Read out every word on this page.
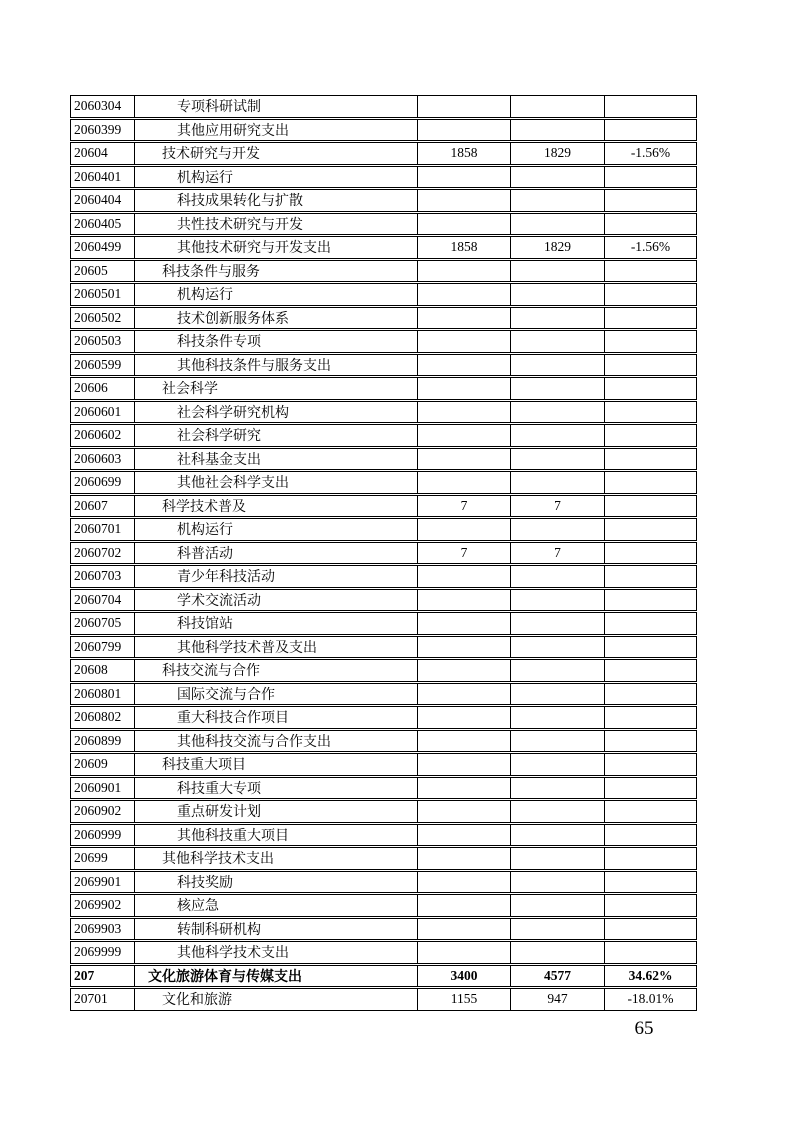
2060304	专项科研试制
2060399	其他应用研究支出
20604	技术研究与开发	1858	1829	-1.56%
2060401	机构运行
2060404	科技成果转化与扩散
2060405	共性技术研究与开发
2060499	其他技术研究与开发支出	1858	1829	-1.56%
20605	科技条件与服务
2060501	机构运行
2060502	技术创新服务体系
2060503	科技条件专项
2060599	其他科技条件与服务支出
20606	社会科学
2060601	社会科学研究机构
2060602	社会科学研究
2060603	社科基金支出
2060699	其他社会科学支出
20607	科学技术普及	7	7
2060701	机构运行
2060702	科普活动	7	7
2060703	青少年科技活动
2060704	学术交流活动
2060705	科技馆站
2060799	其他科学技术普及支出
20608	科技交流与合作
2060801	国际交流与合作
2060802	重大科技合作项目
2060899	其他科技交流与合作支出
20609	科技重大项目
2060901	科技重大专项
2060902	重点研发计划
2060999	其他科技重大项目
20699	其他科学技术支出
2069901	科技奖励
2069902	核应急
2069903	转制科研机构
2069999	其他科学技术支出
207	文化旅游体育与传媒支出	3400	4577	34.62%
20701	文化和旅游	1155	947	-18.01%
65
